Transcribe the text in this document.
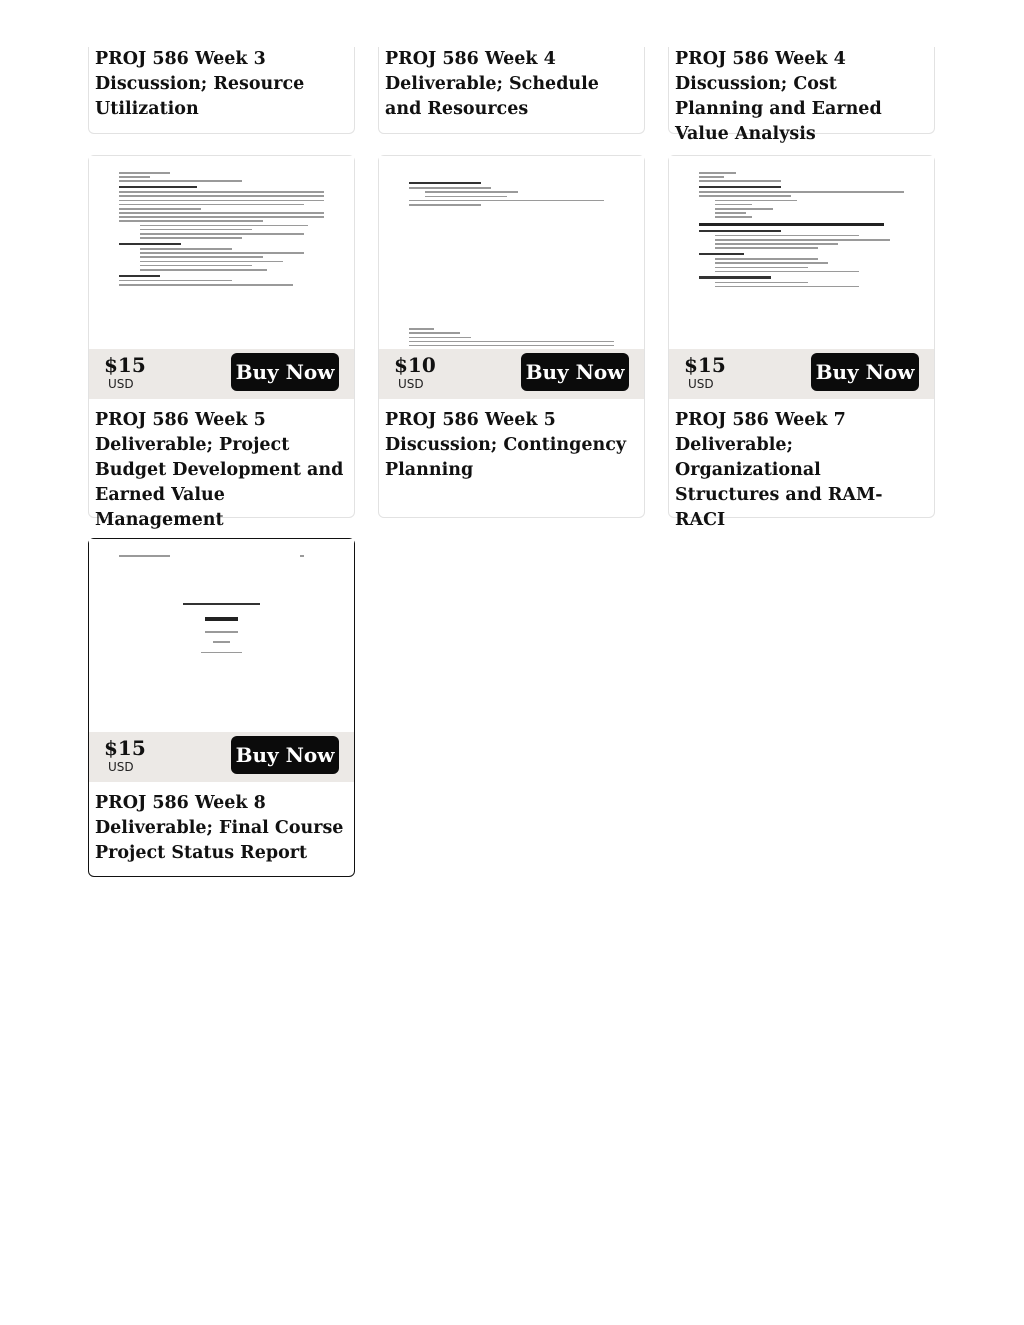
PROJ 586 Week 3 Discussion; Resource Utilization
PROJ 586 Week 4 Deliverable; Schedule and Resources
PROJ 586 Week 4 Discussion; Cost Planning and Earned Value Analysis
$15
USD	Buy Now
PROJ 586 Week 5 Deliverable; Project Budget Development and Earned Value Management
$10
USD	Buy Now
PROJ 586 Week 5 Discussion; Contingency Planning
$15
USD	Buy Now
PROJ 586 Week 7 Deliverable; Organizational Structures and RAM-RACI
$15
USD	Buy Now
PROJ 586 Week 8 Deliverable; Final Course Project Status Report
